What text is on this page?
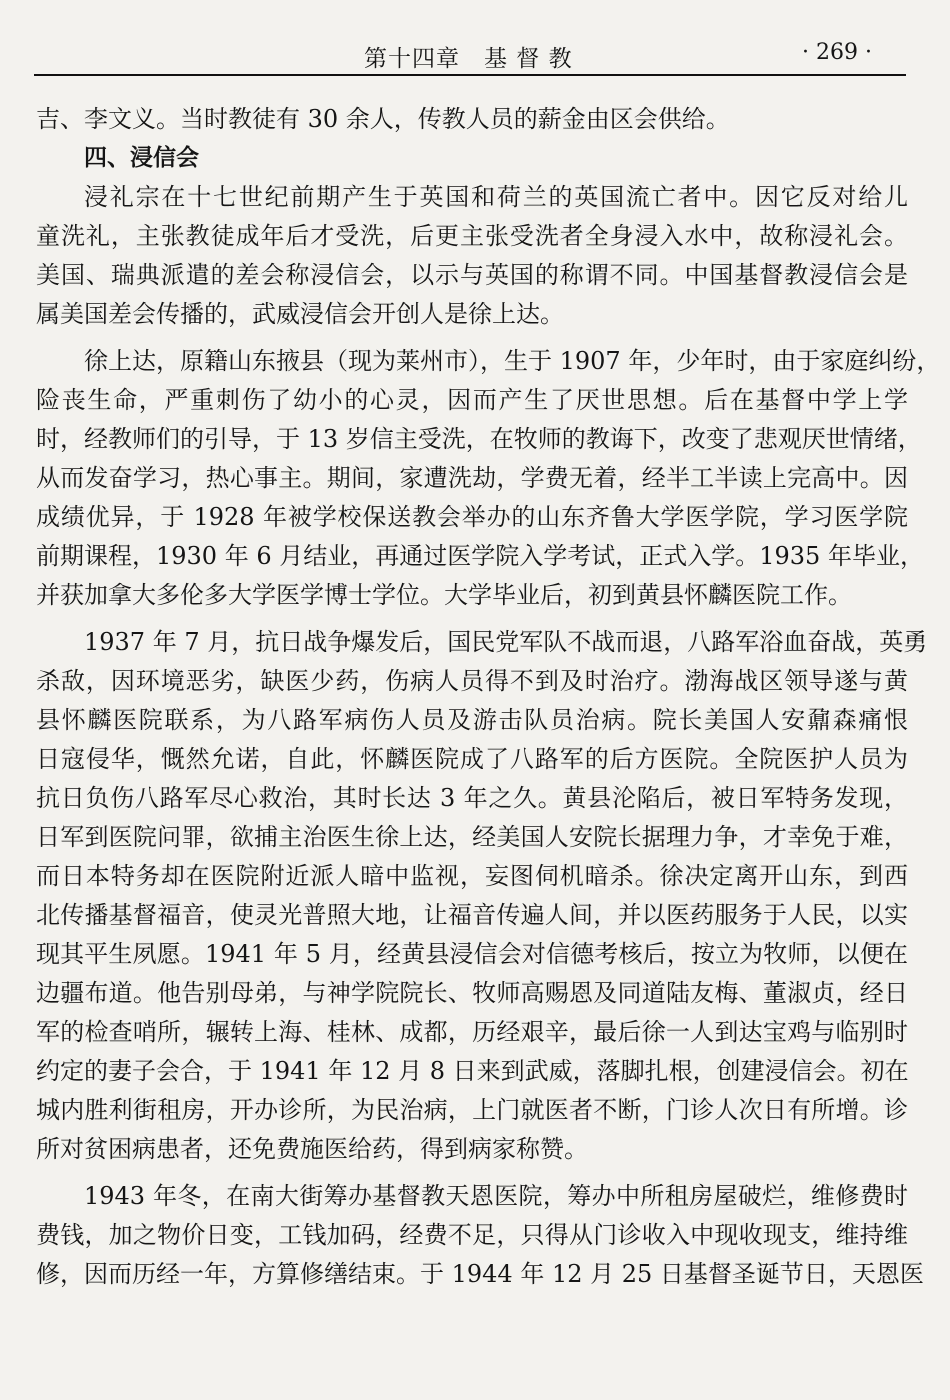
第十四章　基 督 教	· 269 ·
吉、李文义。当时教徒有 30 余人，传教人员的薪金由区会供给。
四、浸信会
浸礼宗在十七世纪前期产生于英国和荷兰的英国流亡者中。因它反对给儿
童洗礼，主张教徒成年后才受洗，后更主张受洗者全身浸入水中，故称浸礼会。
美国、瑞典派遣的差会称浸信会，以示与英国的称谓不同。中国基督教浸信会是
属美国差会传播的，武威浸信会开创人是徐上达。
徐上达，原籍山东掖县（现为莱州市），生于 1907 年，少年时，由于家庭纠纷，
险丧生命，严重刺伤了幼小的心灵，因而产生了厌世思想。后在基督中学上学
时，经教师们的引导，于 13 岁信主受洗，在牧师的教诲下，改变了悲观厌世情绪，
从而发奋学习，热心事主。期间，家遭洗劫，学费无着，经半工半读上完高中。因
成绩优异，于 1928 年被学校保送教会举办的山东齐鲁大学医学院，学习医学院
前期课程，1930 年 6 月结业，再通过医学院入学考试，正式入学。1935 年毕业，
并获加拿大多伦多大学医学博士学位。大学毕业后，初到黄县怀麟医院工作。
1937 年 7 月，抗日战争爆发后，国民党军队不战而退，八路军浴血奋战，英勇
杀敌，因环境恶劣，缺医少药，伤病人员得不到及时治疗。渤海战区领导遂与黄
县怀麟医院联系，为八路军病伤人员及游击队员治病。院长美国人安鼐森痛恨
日寇侵华，慨然允诺，自此，怀麟医院成了八路军的后方医院。全院医护人员为
抗日负伤八路军尽心救治，其时长达 3 年之久。黄县沦陷后，被日军特务发现，
日军到医院问罪，欲捕主治医生徐上达，经美国人安院长据理力争，才幸免于难，
而日本特务却在医院附近派人暗中监视，妄图伺机暗杀。徐决定离开山东，到西
北传播基督福音，使灵光普照大地，让福音传遍人间，并以医药服务于人民，以实
现其平生夙愿。1941 年 5 月，经黄县浸信会对信德考核后，按立为牧师，以便在
边疆布道。他告别母弟，与神学院院长、牧师高赐恩及同道陆友梅、董淑贞，经日
军的检查哨所，辗转上海、桂林、成都，历经艰辛，最后徐一人到达宝鸡与临别时
约定的妻子会合，于 1941 年 12 月 8 日来到武威，落脚扎根，创建浸信会。初在
城内胜利街租房，开办诊所，为民治病，上门就医者不断，门诊人次日有所增。诊
所对贫困病患者，还免费施医给药，得到病家称赞。
1943 年冬，在南大街筹办基督教天恩医院，筹办中所租房屋破烂，维修费时
费钱，加之物价日变，工钱加码，经费不足，只得从门诊收入中现收现支，维持维
修，因而历经一年，方算修缮结束。于 1944 年 12 月 25 日基督圣诞节日，天恩医
